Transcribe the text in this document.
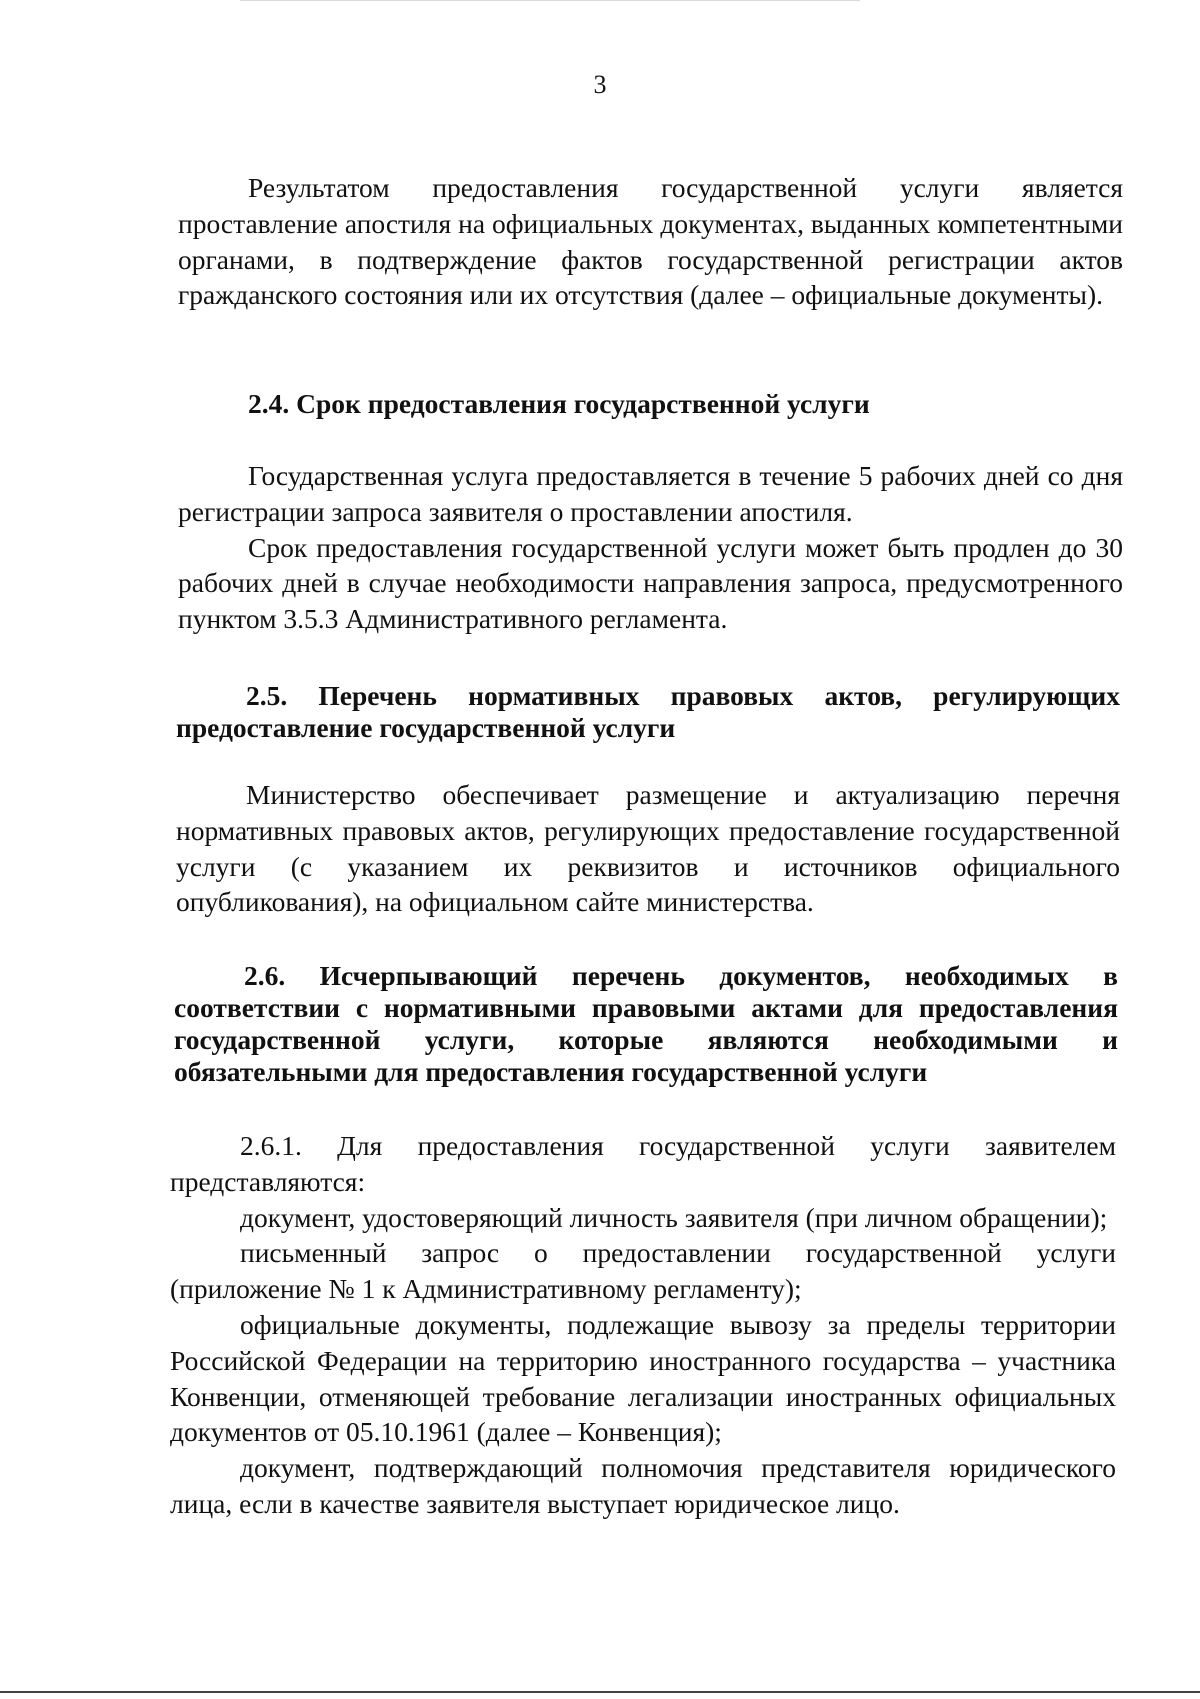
3

Результатом предоставления государственной услуги является проставление апостиля на официальных документах, выданных компетентными органами, в подтверждение фактов государственной регистрации актов гражданского состояния или их отсутствия (далее – официальные документы).

2.4. Срок предоставления государственной услуги

Государственная услуга предоставляется в течение 5 рабочих дней со дня регистрации запроса заявителя о проставлении апостиля.

Срок предоставления государственной услуги может быть продлен до 30 рабочих дней в случае необходимости направления запроса, предусмотренного пунктом 3.5.3 Административного регламента.

2.5. Перечень нормативных правовых актов, регулирующих предоставление государственной услуги

Министерство обеспечивает размещение и актуализацию перечня нормативных правовых актов, регулирующих предоставление государственной услуги (с указанием их реквизитов и источников официального опубликования), на официальном сайте министерства.

2.6. Исчерпывающий перечень документов, необходимых в соответствии с нормативными правовыми актами для предоставления государственной услуги, которые являются необходимыми и обязательными для предоставления государственной услуги

2.6.1. Для предоставления государственной услуги заявителем представляются:

документ, удостоверяющий личность заявителя (при личном обращении);

письменный запрос о предоставлении государственной услуги (приложение № 1 к Административному регламенту);

официальные документы, подлежащие вывозу за пределы территории Российской Федерации на территорию иностранного государства – участника Конвенции, отменяющей требование легализации иностранных официальных документов от 05.10.1961 (далее – Конвенция);

документ, подтверждающий полномочия представителя юридического лица, если в качестве заявителя выступает юридическое лицо.
